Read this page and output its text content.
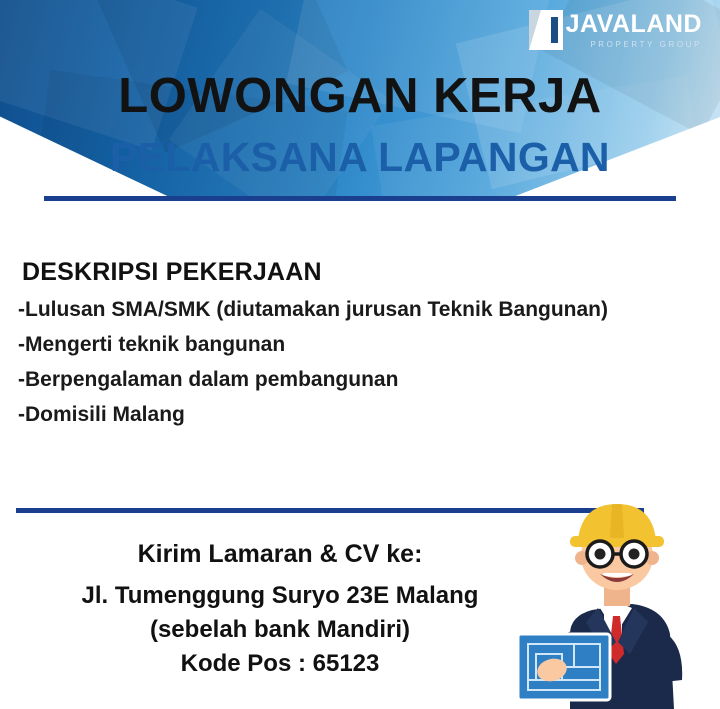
JAVALAND
PROPERTY GROUP
LOWONGAN KERJA
PELAKSANA LAPANGAN
DESKRIPSI PEKERJAAN
-Lulusan SMA/SMK (diutamakan jurusan Teknik Bangunan)
-Mengerti teknik bangunan
-Berpengalaman dalam pembangunan
-Domisili Malang
Kirim Lamaran & CV ke:
Jl. Tumenggung Suryo 23E Malang
(sebelah bank Mandiri)
Kode Pos : 65123
